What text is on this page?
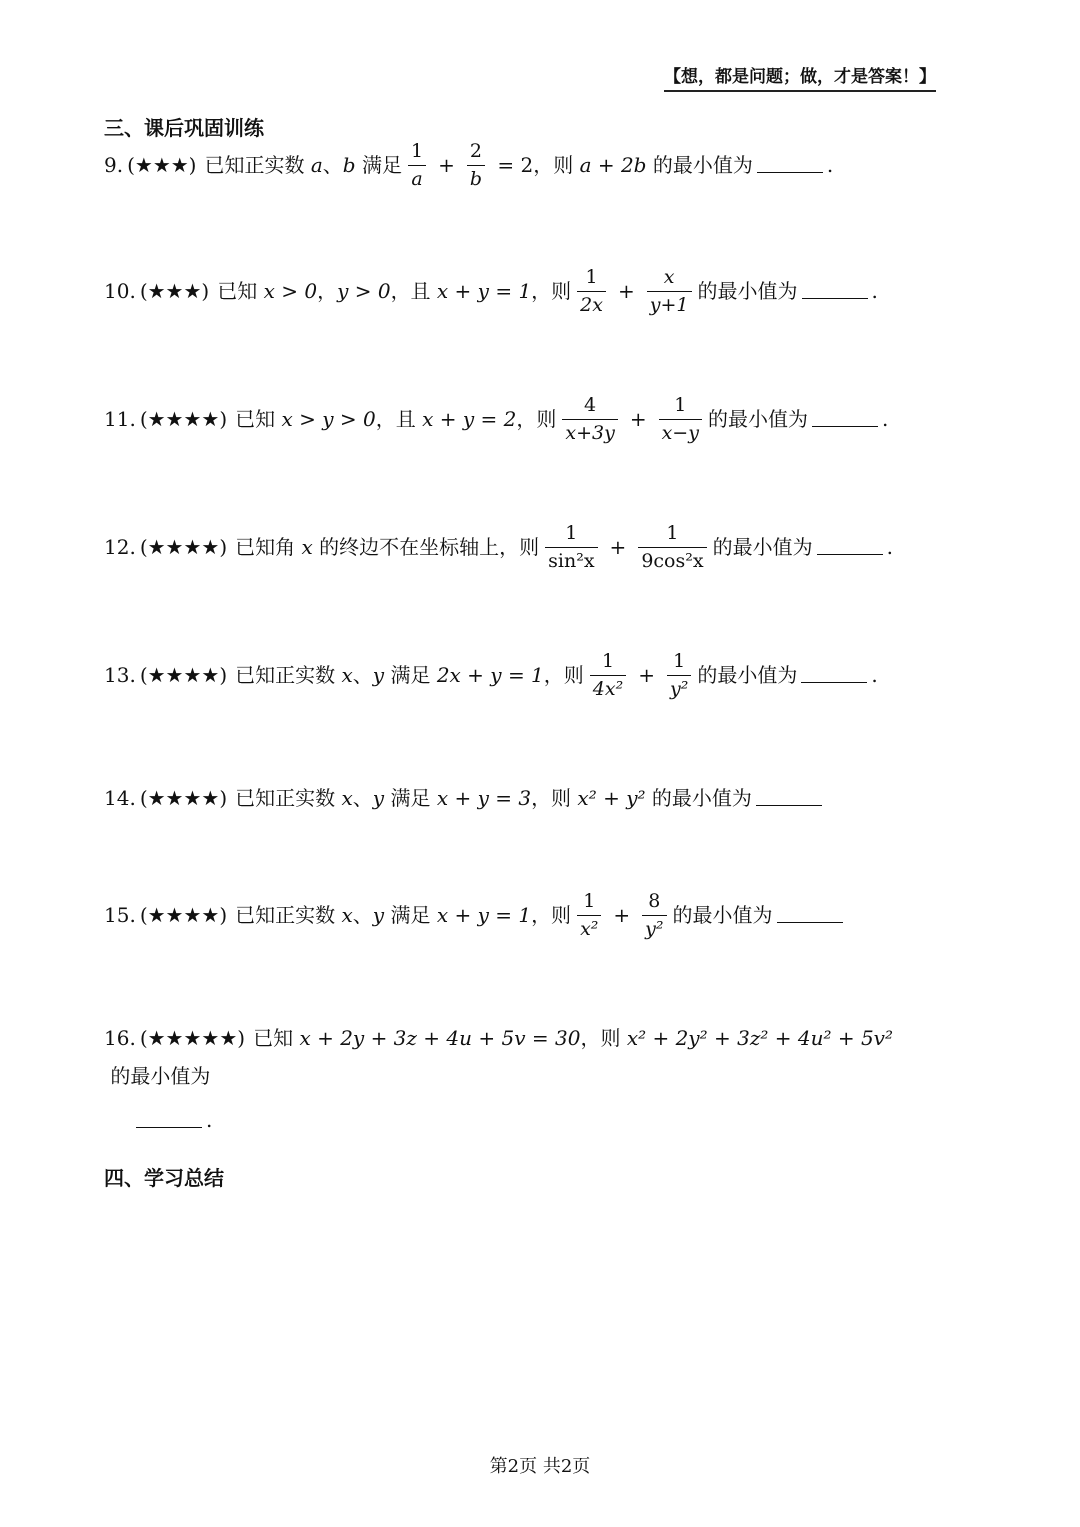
【想，都是问题；做，才是答案！】
三、课后巩固训练
9. (★★★) 已知正实数 a 、 b 满足 $\frac{1}{a} + \frac{2}{b} = 2$，则 a + 2b 的最小值为	.
10. (★★★) 已知 x > 0 ， y > 0 ，且 x + y = 1 ，则 $\frac{1}{2x} + \frac{x}{y+1}$ 的最小值为	.
11. (★★★★) 已知 x > y > 0 ，且 x + y = 2 ，则 $\frac{4}{x+3y} + \frac{1}{x-y}$ 的最小值为	.
12. (★★★★) 已知角 x 的终边不在坐标轴上，则 $\frac{1}{\text{sin²x}} + \frac{1}{\text{9cos²x}}$ 的最小值为	.
13. (★★★★) 已知正实数 x 、 y 满足 2x + y = 1 ，则 $\frac{1}{\text{4x²}} + \frac{1}{\text{y²}}$ 的最小值为	.
14. (★★★★) 已知正实数 x 、 y 满足 x + y = 3 ，则 x² + y² 的最小值为
15. (★★★★) 已知正实数 x 、 y 满足 x + y = 1 ，则 $\frac{1}{\text{x²}} + \frac{8}{\text{y²}}$ 的最小值为
16. (★★★★★) 已知 x + 2y + 3z + 4u + 5v = 30 ，则 x² + 2y² + 3z² + 4u² + 5v²
的最小值为
.
四、学习总结
第2页 共2页
